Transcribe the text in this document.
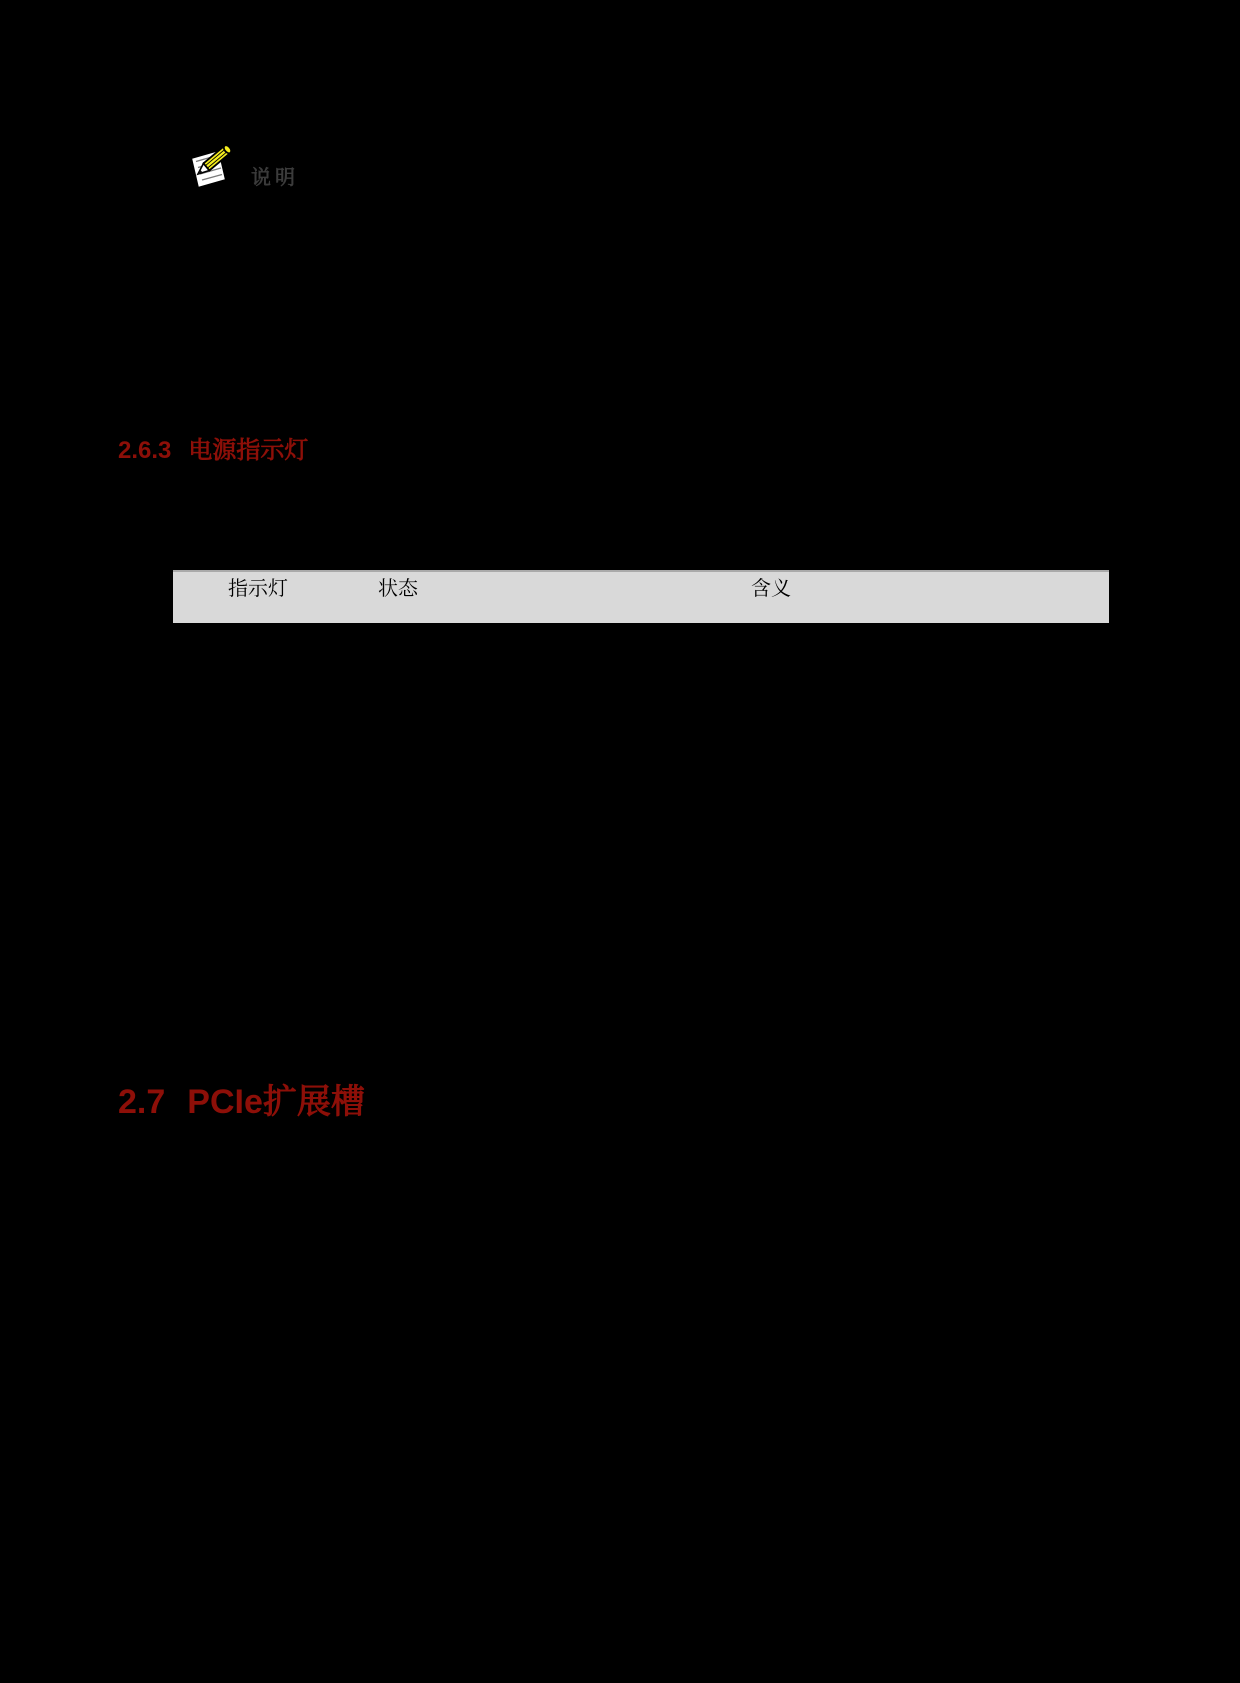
说明
2.6.3 电源指示灯
指示灯	状态	含义
2.7 PCIe扩展槽
